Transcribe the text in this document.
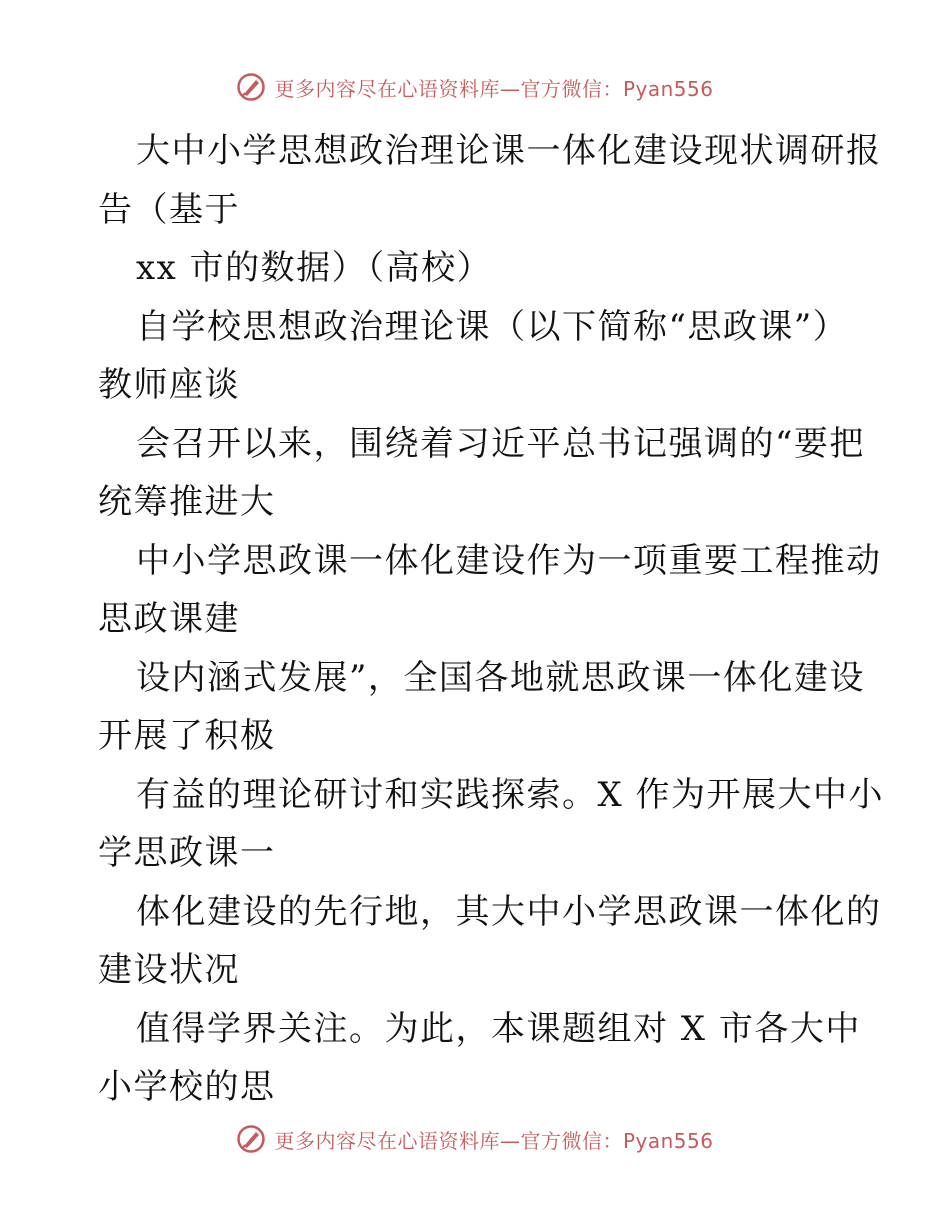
更多内容尽在心语资料库—官方微信：Pyan556
大中小学思想政治理论课一体化建设现状调研报
告（基于
xx 市的数据）（高校）
自学校思想政治理论课（以下简称“思政课”）
教师座谈
会召开以来，围绕着习近平总书记强调的“要把
统筹推进大
中小学思政课一体化建设作为一项重要工程推动
思政课建
设内涵式发展”，全国各地就思政课一体化建设
开展了积极
有益的理论研讨和实践探索。X 作为开展大中小
学思政课一
体化建设的先行地，其大中小学思政课一体化的
建设状况
值得学界关注。为此，本课题组对 X 市各大中
小学校的思
更多内容尽在心语资料库—官方微信：Pyan556
